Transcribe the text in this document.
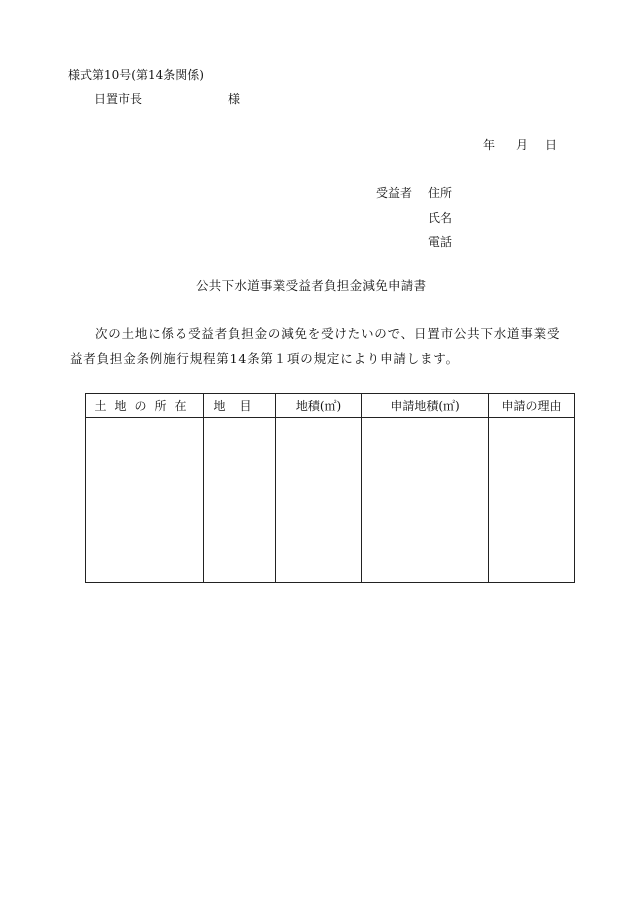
様式第10号(第14条関係)
日置市長	様
年	月	日
受益者 住所
氏名
電話
公共下水道事業受益者負担金減免申請書
次の土地に係る受益者負担金の減免を受けたいので、日置市公共下水道事業受
益者負担金条例施行規程第14条第１項の規定により申請します。
土地の所在	地目	地積(㎡)	申請地積(㎡)	申請の理由
